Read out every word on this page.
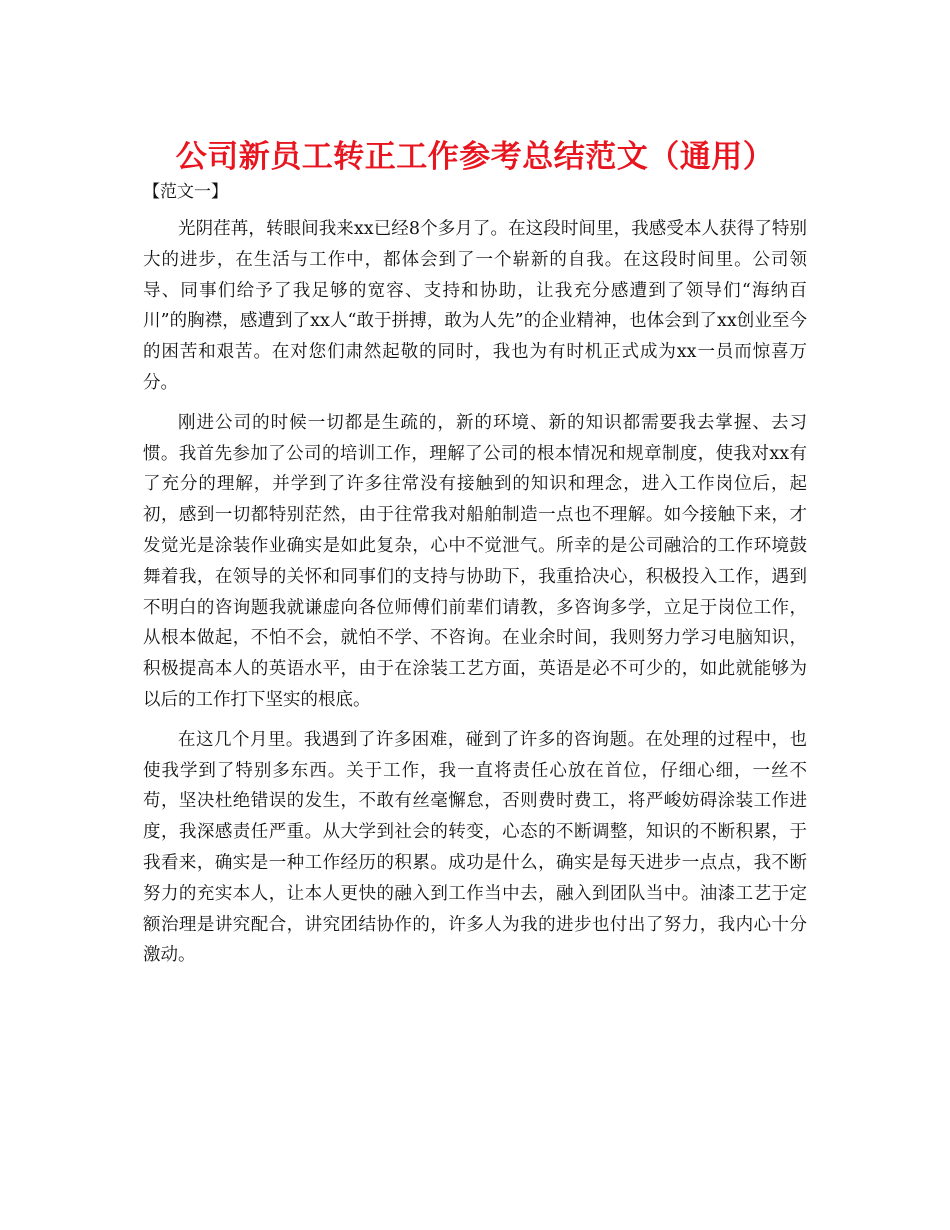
公司新员工转正工作参考总结范文（通用）
【范文一】

光阴荏苒，转眼间我来xx已经8个多月了。在这段时间里，我感受本人获得了特别大的进步，在生活与工作中，都体会到了一个崭新的自我。在这段时间里。公司领导、同事们给予了我足够的宽容、支持和协助，让我充分感遭到了领导们“海纳百川”的胸襟，感遭到了xx人“敢于拼搏，敢为人先”的企业精神，也体会到了xx创业至今的困苦和艰苦。在对您们肃然起敬的同时，我也为有时机正式成为xx一员而惊喜万分。

刚进公司的时候一切都是生疏的，新的环境、新的知识都需要我去掌握、去习惯。我首先参加了公司的培训工作，理解了公司的根本情况和规章制度，使我对xx有了充分的理解，并学到了许多往常没有接触到的知识和理念，进入工作岗位后，起初，感到一切都特别茫然，由于往常我对船舶制造一点也不理解。如今接触下来，才发觉光是涂装作业确实是如此复杂，心中不觉泄气。所幸的是公司融洽的工作环境鼓舞着我，在领导的关怀和同事们的支持与协助下，我重拾决心，积极投入工作，遇到不明白的咨询题我就谦虚向各位师傅们前辈们请教，多咨询多学，立足于岗位工作，从根本做起，不怕不会，就怕不学、不咨询。在业余时间，我则努力学习电脑知识，积极提高本人的英语水平，由于在涂装工艺方面，英语是必不可少的，如此就能够为以后的工作打下坚实的根底。

在这几个月里。我遇到了许多困难，碰到了许多的咨询题。在处理的过程中，也使我学到了特别多东西。关于工作，我一直将责任心放在首位，仔细心细，一丝不苟，坚决杜绝错误的发生，不敢有丝毫懈怠，否则费时费工，将严峻妨碍涂装工作进度，我深感责任严重。从大学到社会的转变，心态的不断调整，知识的不断积累，于我看来，确实是一种工作经历的积累。成功是什么，确实是每天进步一点点，我不断努力的充实本人，让本人更快的融入到工作当中去，融入到团队当中。油漆工艺于定额治理是讲究配合，讲究团结协作的，许多人为我的进步也付出了努力，我内心十分激动。
